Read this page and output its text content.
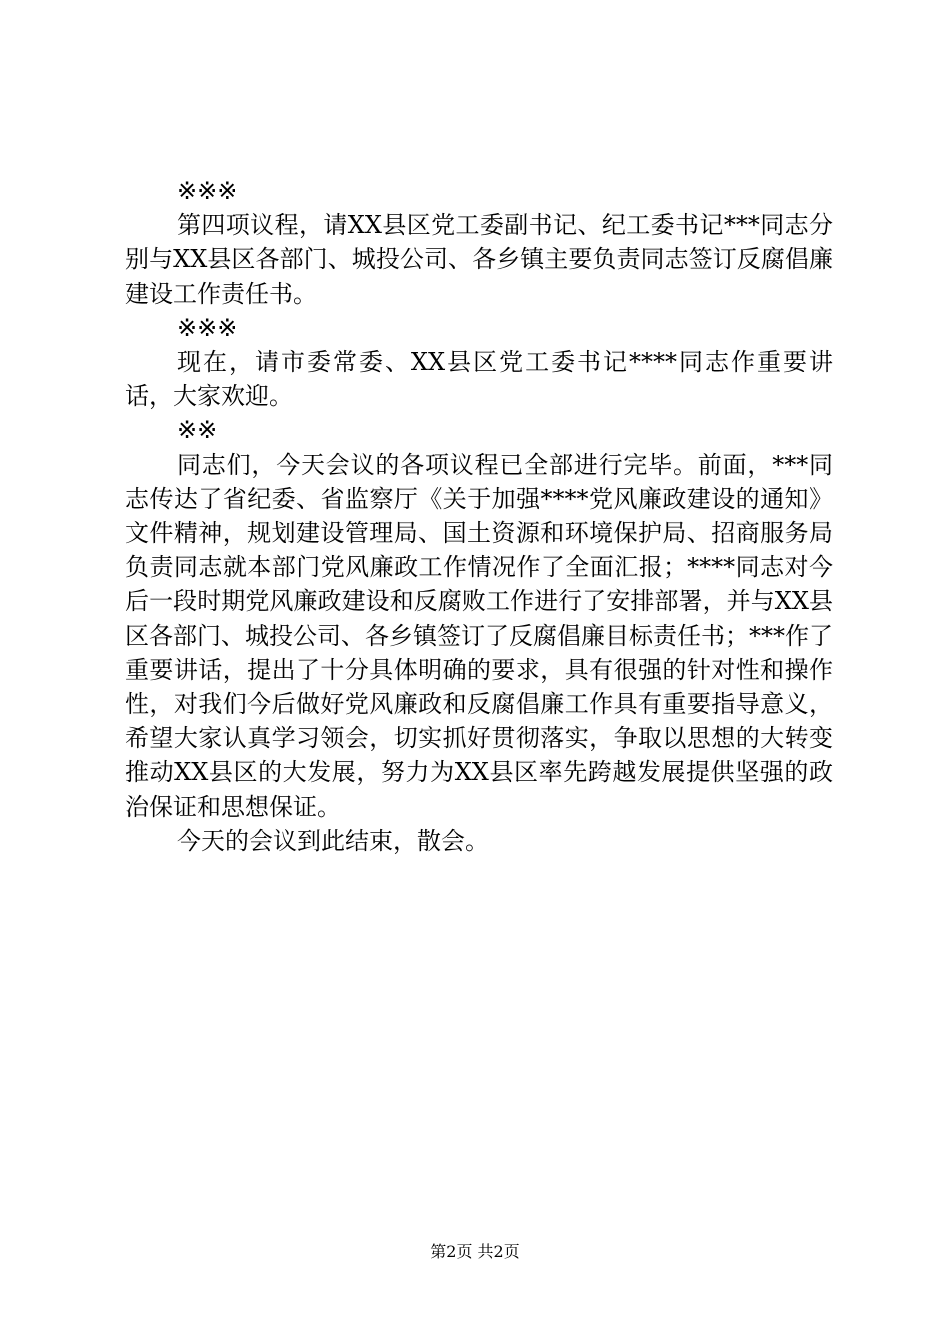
※※※

第四项议程，请XX县区党工委副书记、纪工委书记***同志分别与XX县区各部门、城投公司、各乡镇主要负责同志签订反腐倡廉建设工作责任书。

※※※

现在，请市委常委、XX县区党工委书记****同志作重要讲话，大家欢迎。

※※

同志们，今天会议的各项议程已全部进行完毕。前面，***同志传达了省纪委、省监察厅《关于加强****党风廉政建设的通知》文件精神，规划建设管理局、国土资源和环境保护局、招商服务局负责同志就本部门党风廉政工作情况作了全面汇报；****同志对今后一段时期党风廉政建设和反腐败工作进行了安排部署，并与XX县区各部门、城投公司、各乡镇签订了反腐倡廉目标责任书；***作了重要讲话，提出了十分具体明确的要求，具有很强的针对性和操作性，对我们今后做好党风廉政和反腐倡廉工作具有重要指导意义，希望大家认真学习领会，切实抓好贯彻落实，争取以思想的大转变推动XX县区的大发展，努力为XX县区率先跨越发展提供坚强的政治保证和思想保证。

今天的会议到此结束，散会。

第2页 共2页
